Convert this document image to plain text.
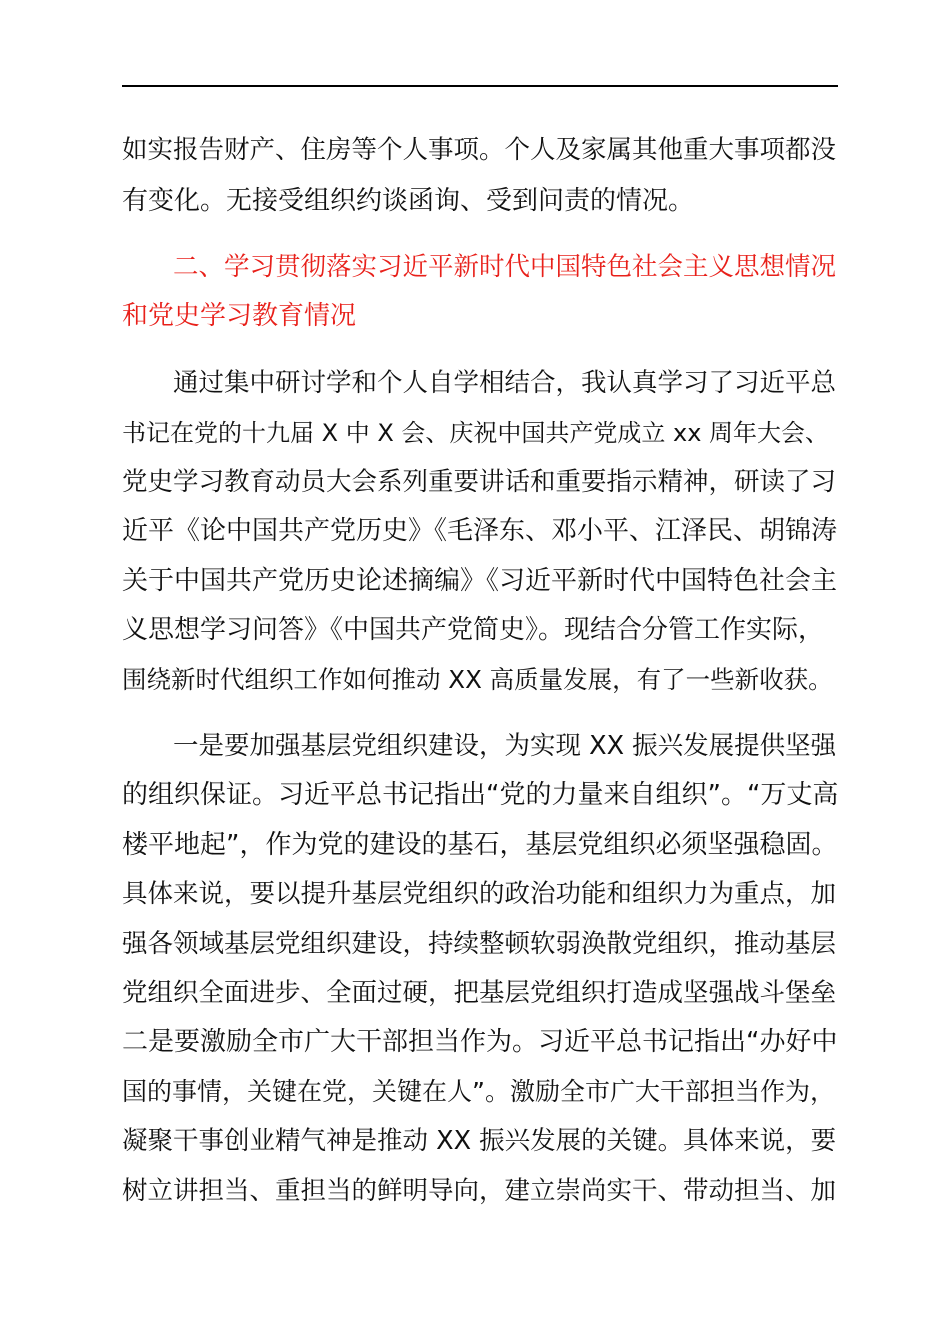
如实报告财产、住房等个人事项。个人及家属其他重大事项都没
有变化。无接受组织约谈函询、受到问责的情况。
　　二、学习贯彻落实习近平新时代中国特色社会主义思想情况
和党史学习教育情况
　　通过集中研讨学和个人自学相结合，我认真学习了习近平总
书记在党的十九届 X 中 X 会、庆祝中国共产党成立 xx 周年大会、
党史学习教育动员大会系列重要讲话和重要指示精神，研读了习
近平《论中国共产党历史》《毛泽东、邓小平、江泽民、胡锦涛
关于中国共产党历史论述摘编》《习近平新时代中国特色社会主
义思想学习问答》《中国共产党简史》。现结合分管工作实际，
围绕新时代组织工作如何推动 XX 高质量发展，有了一些新收获。
　　一是要加强基层党组织建设，为实现 XX 振兴发展提供坚强
的组织保证。习近平总书记指出“党的力量来自组织”。“万丈高
楼平地起”，作为党的建设的基石，基层党组织必须坚强稳固。
具体来说，要以提升基层党组织的政治功能和组织力为重点，加
强各领域基层党组织建设，持续整顿软弱涣散党组织，推动基层
党组织全面进步、全面过硬，把基层党组织打造成坚强战斗堡垒
二是要激励全市广大干部担当作为。习近平总书记指出“办好中
国的事情，关键在党，关键在人”。激励全市广大干部担当作为，
凝聚干事创业精气神是推动 XX 振兴发展的关键。具体来说，要
树立讲担当、重担当的鲜明导向，建立崇尚实干、带动担当、加
